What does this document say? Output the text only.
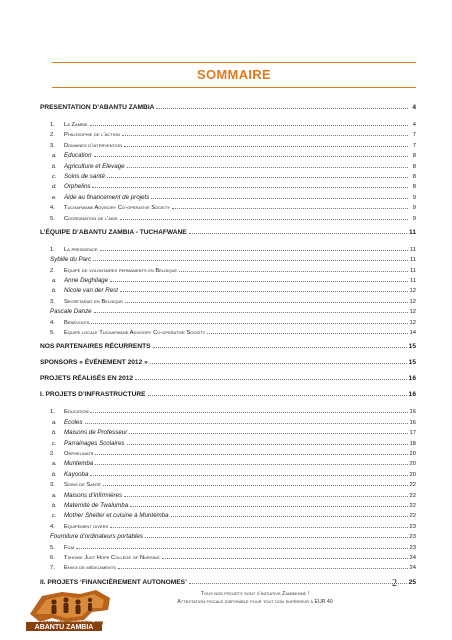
SOMMAIRE
PRESENTATION D’ABANTU ZAMBIA	4
1.	La Zambie	4
2.	Philosophie de l’action	7
3.	Domaines d’intervention	7
a.	Education	8
b.	Agriculture et Elevage	8
c.	Soins de santé	8
d.	Orphelins	8
e.	Aide au financement de projets	9
4.	Tuchafwane Advisory Co-operative Society	9
5.	Coordination de l’aide	9
L’ÉQUIPE D’ABANTU ZAMBIA - TUCHAFWANE	11
1.	La présidence	11
Sybille du Parc	11
2.	Equipe de volontaires permanents en Belgique	11
a.	Anne Deghilage	11
b.	Nicole van der Rest	12
3.	Secrétariat en Belgique	12
Pascale Danze	12
4.	Bénévoles	12
5.	Equipe locale Tuchafwane Advisory Co-operative Society	14
NOS PARTENAIRES RÉCURRENTS	15
SPONSORS « ÉVÉNEMENT 2012 »	15
PROJETS RÉALISÉS EN 2012	16
I. PROJETS D’INFRASTRUCTURE	16
1.	Education	16
a.	Ecoles	16
b.	Maisons de Professeur	17
c.	Parrainages Scolaires	18
2.	Orphelinats	20
a.	Muntemba	20
b.	Kayooba	20
3.	Soins de Santé	22
a.	Maisons d’infirmières	22
b.	Maternité de Twalumba	22
c.	Mother Shelter et cuisine à Muntemba	22
4.	Equipement divers	23
Fourniture d’ordinateurs portables	23
5.	Film	23
6.	Tshowe Just Hope College of Nursing	24
7.	Envoi de médicaments	24
II. PROJETS ‘FINANCIÈREMENT AUTONOMES’	25
2
ABANTU ZAMBIA
www.abantuzambia.org
Tous nos projets sont d’initiative Zambienne !
Attestation fiscale disponible pour tout don supérieur à EUR 40
